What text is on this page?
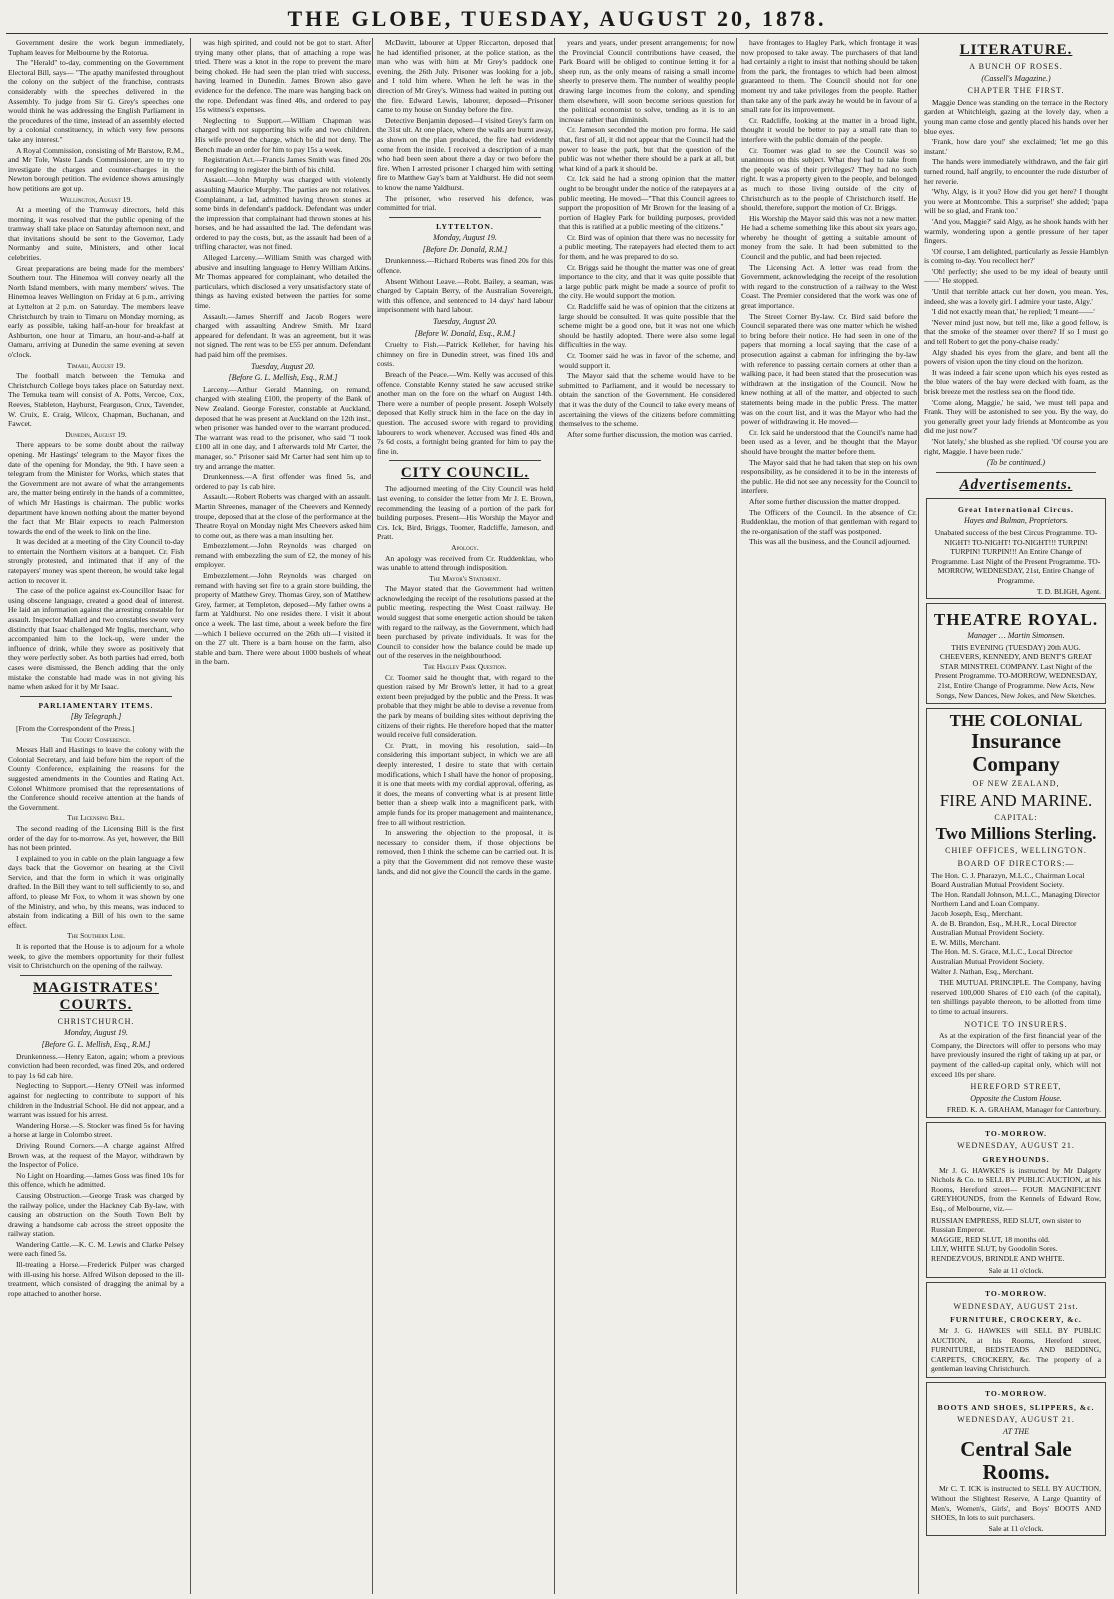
THE GLOBE, TUESDAY, AUGUST 20, 1878.

Government desire the work begun immediately, Tupham leaves for Melbourne by the Rotorua.

The "Herald" to-day, commenting on the Government Electoral Bill, says— "The apathy manifested throughout the colony on the subject of the franchise, contrasts considerably with the speeches delivered in the Assembly. To judge from Sir G. Grey's speeches one would think he was addressing the English Parliament in the procedures of the time, instead of an assembly elected by a colonial constituency, in which very few persons take any interest."

A Royal Commission, consisting of Mr Barstow, R.M., and Mr Tole, Waste Lands Commissioner, are to try to investigate the charges and counter-charges in the Newton borough petition. The evidence shows amusingly how petitions are got up.

Wellington, August 19.

At a meeting of the Tramway directors, held this morning, it was resolved that the public opening of the tramway shall take place on Saturday afternoon next, and that invitations should be sent to the Governor, Lady Normanby and suite, Ministers, and other local celebrities.

Great preparations are being made for the members' Southern tour. The Hinemoa will convey nearly all the North Island members, with many members' wives. The Hinemoa leaves Wellington on Friday at 6 p.m., arriving at Lyttelton at 2 p.m. on Saturday. The members leave Christchurch by train to Timaru on Monday morning, as early as possible, taking half-an-hour for breakfast at Ashburton, one hour at Timaru, an hour-and-a-half at Oamaru, arriving at Dunedin the same evening at seven o'clock.

Timaru, August 19.

The football match between the Temuka and Christchurch College boys takes place on Saturday next. The Temuka team will consist of A. Potts, Vercoe, Cox, Reeves, Stableton, Hayhurst, Fearguson, Crux, Tavender, W. Cruix, E. Craig, Wilcox, Chapman, Buchanan, and Fawcet.

Dunedin, August 19.

There appears to be some doubt about the railway opening. Mr Hastings' telegram to the Mayor fixes the date of the opening for Monday, the 9th. I have seen a telegram from the Minister for Works, which states that the Government are not aware of what the arrangements are, the matter being entirely in the hands of a committee, of which Mr Hastings is chairman. The public works department have known nothing about the matter beyond the fact that Mr Blair expects to reach Palmerston towards the end of the week to link on the line.

It was decided at a meeting of the City Council to-day to entertain the Northern visitors at a banquet. Cr. Fish strongly protested, and intimated that if any of the ratepayers' money was spent thereon, he would take legal action to recover it.

The case of the police against ex-Councillor Isaac for using obscene language, created a good deal of interest. He laid an information against the arresting constable for assault. Inspector Mallard and two constables swore very distinctly that Isaac challenged Mr Inglis, merchant, who accompanied him to the lock-up, were under the influence of drink, while they swore as positively that they were perfectly sober. As both parties had erred, both cases were dismissed, the Bench adding that the only mistake the constable had made was in not giving his name when asked for it by Mr Isaac.

PARLIAMENTARY ITEMS.
[By Telegraph.]

[From the Correspondent of the Press.]

The Court Conference.

Messrs Hall and Hastings to leave the colony with the Colonial Secretary, and laid before him the report of the County Conference, explaining the reasons for the suggested amendments in the Counties and Rating Act. Colonel Whitmore promised that the representations of the Conference should receive attention at the hands of the Government.

The Licensing Bill.

The second reading of the Licensing Bill is the first order of the day for to-morrow. As yet, however, the Bill has not been printed.

I explained to you in cable on the plain language a few days back that the Governor on hearing at the Civil Service, and that the form in which it was originally drafted. In the Bill they want to tell sufficiently to so, and afford, to please Mr Fox, to whom it was shown by one of the Ministry, and who, by this means, was induced to abstain from indicating a Bill of his own to the same effect.

The Southern Line.

It is reported that the House is to adjourn for a whole week, to give the members opportunity for their fullest visit to Christchurch on the opening of the railway.

MAGISTRATES' COURTS.
CHRISTCHURCH.
Monday, August 19.
[Before G. L. Mellish, Esq., R.M.]

Drunkenness.—Henry Eaton, again; whom a previous conviction had been recorded, was fined 20s, and ordered to pay 1s 6d cab hire.

Neglecting to Support.—Henry O'Neil was informed against for neglecting to contribute to support of his children in the Industrial School. He did not appear, and a warrant was issued for his arrest.

Wandering Horse.—S. Stocker was fined 5s for having a horse at large in Colombo street.

Driving Round Corners.—A charge against Alfred Brown was, at the request of the Mayor, withdrawn by the Inspector of Police.

No Light on Hoarding.—James Goss was fined 10s for this offence, which he admitted.

Causing Obstruction.—George Trask was charged by the railway police, under the Hackney Cab By-law, with causing an obstruction on the South Town Belt by drawing a handsome cab across the street opposite the railway station.

Wandering Cattle.—K. C. M. Lewis and Clarke Pelsey were each fined 5s.

Ill-treating a Horse.—Frederick Pulper was charged with ill-using his horse. Alfred Wilson deposed to the ill-treatment, which consisted of dragging the animal by a rope attached to another horse.

was high spirited, and could not be got to start. After trying many other plans, that of attaching a rope was tried. There was a knot in the rope to prevent the mare being choked. He had seen the plan tried with success, having learned in Dunedin. James Brown also gave evidence for the defence. The mare was hanging back on the rope. Defendant was fined 40s, and ordered to pay 15s witness's expenses.

Neglecting to Support.—William Chapman was charged with not supporting his wife and two children. His wife proved the charge, which he did not deny. The Bench made an order for him to pay 15s a week.

Registration Act.—Francis James Smith was fined 20s for neglecting to register the birth of his child.

Assault.—John Murphy was charged with violently assaulting Maurice Murphy. The parties are not relatives. Complainant, a lad, admitted having thrown stones at some birds in defendant's paddock. Defendant was under the impression that complainant had thrown stones at his horses, and he had assaulted the lad. The defendant was ordered to pay the costs, but, as the assault had been of a trifling character, was not fined.

Alleged Larceny.—William Smith was charged with abusive and insulting language to Henry William Atkins. Mr Thomas appeared for complainant, who detailed the particulars, which disclosed a very unsatisfactory state of things as having existed between the parties for some time.

Assault.—James Sherriff and Jacob Rogers were charged with assaulting Andrew Smith. Mr Izard appeared for defendant. It was an agreement, but it was not signed. The rent was to be £55 per annum. Defendant had paid him off the premises.

Tuesday, August 20.
[Before G. L. Mellish, Esq., R.M.]

Larceny.—Arthur Gerald Manning, on remand, charged with stealing £100, the property of the Bank of New Zealand. George Forester, constable at Auckland, deposed that he was present at Auckland on the 12th inst., when prisoner was handed over to the warrant produced. The warrant was read to the prisoner, who said "I took £100 all in one day, and I afterwards told Mr Carter, the manager, so." Prisoner said Mr Carter had sent him up to try and arrange the matter.

Drunkenness.—A first offender was fined 5s, and ordered to pay 1s cab hire.

Assault.—Robert Roberts was charged with an assault. Martin Shreenes, manager of the Cheevers and Kennedy troupe, deposed that at the close of the performance at the Theatre Royal on Monday night Mrs Cheevers asked him to come out, as there was a man insulting her.

Embezzlement.—John Reynolds was charged on remand with embezzling the sum of £2, the money of his employer.

Embezzlement.—John Reynolds was charged on remand with having set fire to a grain store building, the property of Matthew Grey. Thomas Grey, son of Matthew Grey, farmer, at Templeton, deposed—My father owns a farm at Yaldhurst. No one resides there. I visit it about once a week. The last time, about a week before the fire—which I believe occurred on the 26th ult—I visited it on the 27 ult. There is a barn house on the farm, also stable and barn. There were about 1000 bushels of wheat in the barn.

McDavitt, labourer at Upper Riccarton, deposed that he had identified prisoner, at the police station, as the man who was with him at Mr Grey's paddock one evening, the 26th July. Prisoner was looking for a job, and I told him where. When he left he was in the direction of Mr Grey's. Witness had waited in putting out the fire. Edward Lewis, labourer, deposed—Prisoner came to my house on Sunday before the fire.

Detective Benjamin deposed—I visited Grey's farm on the 31st ult. At one place, where the walls are burnt away, as shown on the plan produced, the fire had evidently come from the inside. I received a description of a man who had been seen about there a day or two before the fire. When I arrested prisoner I charged him with setting fire to Matthew Gay's barn at Yaldhurst. He did not seem to know the name Yaldhurst.

The prisoner, who reserved his defence, was committed for trial.

LYTTELTON.
Monday, August 19.
[Before Dr. Donald, R.M.]

Drunkenness.—Richard Roberts was fined 20s for this offence.

Absent Without Leave.—Robt. Bailey, a seaman, was charged by Captain Berry, of the Australian Sovereign, with this offence, and sentenced to 14 days' hard labour imprisonment with hard labour.

Tuesday, August 20.
[Before W. Donald, Esq., R.M.]

Cruelty to Fish.—Patrick Kelleher, for having his chimney on fire in Dunedin street, was fined 10s and costs.

Breach of the Peace.—Wm. Kelly was accused of this offence. Constable Kenny stated he saw accused strike another man on the fore on the wharf on August 14th. There were a number of people present. Joseph Wolsely deposed that Kelly struck him in the face on the day in question. The accused swore with regard to providing labourers to work whenever. Accused was fined 40s and 7s 6d costs, a fortnight being granted for him to pay the fine in.

CITY COUNCIL.

The adjourned meeting of the City Council was held last evening, to consider the letter from Mr J. E. Brown, recommending the leasing of a portion of the park for building purposes. Present—His Worship the Mayor and Crs. Ick, Bird, Briggs, Toomer, Radcliffe, Jameson, and Pratt.

Apology.

An apology was received from Cr. Ruddenklau, who was unable to attend through indisposition.

The Mayor's Statement.

The Mayor stated that the Government had written acknowledging the receipt of the resolutions passed at the public meeting, respecting the West Coast railway. He would suggest that some energetic action should be taken with regard to the railway, as the Government, which had been purchased by private individuals. It was for the Council to consider how the balance could be made up out of the reserves in the neighbourhood.

The Hagley Park Question.

Cr. Toomer said he thought that, with regard to the question raised by Mr Brown's letter, it had to a great extent been prejudged by the public and the Press. It was probable that they might be able to devise a revenue from the park by means of building sites without depriving the citizens of their rights. He therefore hoped that the matter would receive full consideration.

Cr. Pratt, in moving his resolution, said—In considering this important subject, in which we are all deeply interested, I desire to state that with certain modifications, which I shall have the honor of proposing, it is one that meets with my cordial approval, offering, as it does, the means of converting what is at present little better than a sheep walk into a magnificent park, with ample funds for its proper management and maintenance, free to all without restriction.

In answering the objection to the proposal, it is necessary to consider them, if those objections be removed, then I think the scheme can be carried out. It is a pity that the Government did not remove these waste lands, and did not give the Council the cards in the game.

years and years, under present arrangements; for now the Provincial Council contributions have ceased, the Park Board will be obliged to continue letting it for a sheep run, as the only means of raising a small income sheerly to preserve them. The number of wealthy people drawing large incomes from the colony, and spending them elsewhere, will soon become serious question for the political economist to solve, tending as it is to an increase rather than diminish.

Cr. Jameson seconded the motion pro forma. He said that, first of all, it did not appear that the Council had the power to lease the park, but that the question of the public was not whether there should be a park at all, but what kind of a park it should be.

Cr. Ick said he had a strong opinion that the matter ought to be brought under the notice of the ratepayers at a public meeting. He moved—"That this Council agrees to support the proposition of Mr Brown for the leasing of a portion of Hagley Park for building purposes, provided that this is ratified at a public meeting of the citizens."

Cr. Bird was of opinion that there was no necessity for a public meeting. The ratepayers had elected them to act for them, and he was prepared to do so.

Cr. Briggs said he thought the matter was one of great importance to the city, and that it was quite possible that a large public park might be made a source of profit to the city. He would support the motion.

Cr. Radcliffe said he was of opinion that the citizens at large should be consulted. It was quite possible that the scheme might be a good one, but it was not one which should be hastily adopted. There were also some legal difficulties in the way.

Cr. Toomer said he was in favor of the scheme, and would support it.

The Mayor said that the scheme would have to be submitted to Parliament, and it would be necessary to obtain the sanction of the Government. He considered that it was the duty of the Council to take every means of ascertaining the views of the citizens before committing themselves to the scheme.

After some further discussion, the motion was carried.

have frontages to Hagley Park, which frontage it was now proposed to take away. The purchasers of that land had certainly a right to insist that nothing should be taken from the park, the frontages to which had been almost guaranteed to them. The Council should not for one moment try and take privileges from the people. Rather than take any of the park away he would be in favour of a small rate for its improvement.

Cr. Radcliffe, looking at the matter in a broad light, thought it would be better to pay a small rate than to interfere with the public domain of the people.

Cr. Toomer was glad to see the Council was so unanimous on this subject. What they had to take from the people was of their privileges? They had no such right. It was a property given to the people, and belonged as much to those living outside of the city of Christchurch as to the people of Christchurch itself. He should, therefore, support the motion of Cr. Briggs.

His Worship the Mayor said this was not a new matter. He had a scheme something like this about six years ago, whereby he thought of getting a suitable amount of money from the sale. It had been submitted to the Council and the public, and had been rejected.

The Licensing Act. A letter was read from the Government, acknowledging the receipt of the resolution with regard to the construction of a railway to the West Coast. The Premier considered that the work was one of great importance.

The Street Corner By-law. Cr. Bird said before the Council separated there was one matter which he wished to bring before their notice. He had seen in one of the papers that morning a local saying that the case of a prosecution against a cabman for infringing the by-law with reference to passing certain corners at other than a walking pace, it had been stated that the prosecution was withdrawn at the instigation of the Council. Now he knew nothing at all of the matter, and objected to such statements being made in the public Press. The matter was on the court list, and it was the Mayor who had the power of withdrawing it. He moved—

Cr. Ick said he understood that the Council's name had been used as a lever, and he thought that the Mayor should have brought the matter before them.

The Mayor said that he had taken that step on his own responsibility, as he considered it to be in the interests of the public. He did not see any necessity for the Council to interfere.

After some further discussion the matter dropped.

The Officers of the Council. In the absence of Cr. Ruddenklau, the motion of that gentleman with regard to the re-organisation of the staff was postponed.

This was all the business, and the Council adjourned.

LITERATURE.
A BUNCH OF ROSES.
(Cassell's Magazine.)
CHAPTER THE FIRST.

Maggie Dence was standing on the terrace in the Rectory garden at Whitchleigh, gazing at the lovely day, when a young man came close and gently placed his hands over her blue eyes.

'Frank, how dare you!' she exclaimed; 'let me go this instant.'

The hands were immediately withdrawn, and the fair girl turned round, half angrily, to encounter the rude disturber of her reverie.

'Why, Algy, is it you? How did you get here? I thought you were at Montcombe. This a surprise!' she added; 'papa will be so glad, and Frank too.'

'And you, Maggie?' said Algy, as he shook hands with her warmly, wondering upon a gentle pressure of her taper fingers.

'Of course, I am delighted, particularly as Jessie Hamblyn is coming to-day. You recollect her?'

'Oh! perfectly; she used to be my ideal of beauty until——' He stopped.

'Until that terrible attack cut her down, you mean. Yes, indeed, she was a lovely girl. I admire your taste, Algy.'

'I did not exactly mean that,' he replied; 'I meant——'

'Never mind just now, but tell me, like a good fellow, is that the smoke of the steamer over there? If so I must go and tell Robert to get the pony-chaise ready.'

Algy shaded his eyes from the glare, and bent all the powers of vision upon the tiny cloud on the horizon.

It was indeed a fair scene upon which his eyes rested as the blue waters of the bay were decked with foam, as the brisk breeze met the restless sea on the flood tide.

'Come along, Maggie,' he said, 'we must tell papa and Frank. They will be astonished to see you. By the way, do you generally greet your lady friends at Montcombe as you did me just now?'

'Not lately,' she blushed as she replied. 'Of course you are right, Maggie. I have been rude.'

(To be continued.)
Advertisements.
Great International Circus.
Hayes and Bulman, Proprietors.

Unabated success of the best Circus Programme. TO-NIGHT! TO-NIGHT! TO-NIGHT!!! TURPIN! TURPIN! TURPIN!!! An Entire Change of Programme. Last Night of the Present Programme. TO-MORROW, WEDNESDAY, 21st, Entire Change of Programme.

T. D. BLIGH, Agent.
THEATRE ROYAL.
Manager … Martin Simonsen.

THIS EVENING (TUESDAY) 20th AUG. CHEEVERS, KENNEDY, AND BENT'S GREAT STAR MINSTREL COMPANY. Last Night of the Present Programme. TO-MORROW, WEDNESDAY, 21st, Entire Change of Programme. New Acts, New Songs, New Dances, New Jokes, and New Sketches.

THE COLONIAL
Insurance Company
OF NEW ZEALAND,
FIRE AND MARINE.
CAPITAL:
Two Millions Sterling.
CHIEF OFFICES, WELLINGTON.
BOARD OF DIRECTORS:—
The Hon. C. J. Pharazyn, M.L.C., Chairman Local Board Australian Mutual Provident Society.
The Hon. Randall Johnson, M.L.C., Managing Director Northern Land and Loan Company.
Jacob Joseph, Esq., Merchant.
A. de B. Brandon, Esq., M.H.R., Local Director Australian Mutual Provident Society.
E. W. Mills, Merchant.
The Hon. M. S. Grace, M.L.C., Local Director Australian Mutual Provident Society.
Walter J. Nathan, Esq., Merchant.

THE MUTUAL PRINCIPLE. The Company, having reserved 100,000 Shares of £10 each (of the capital), ten shillings payable thereon, to be allotted from time to time to actual insurers.

NOTICE TO INSURERS.

As at the expiration of the first financial year of the Company, the Directors will offer to persons who may have previously insured the right of taking up at par, or payment of the called-up capital only, which will not exceed 10s per share.

HEREFORD STREET,
Opposite the Custom House.
FRED. K. A. GRAHAM, Manager for Canterbury.
TO-MORROW.
WEDNESDAY, AUGUST 21.
GREYHOUNDS.

Mr J. G. HAWKE'S is instructed by Mr Dalgety Nichols & Co. to SELL BY PUBLIC AUCTION, at his Rooms, Hereford street— FOUR MAGNIFICENT GREYHOUNDS, from the Kennels of Edward Row, Esq., of Melbourne, viz.—

RUSSIAN EMPRESS, RED SLUT, own sister to Russian Emperor.
MAGGIE, RED SLUT, 18 months old.
LILY, WHITE SLUT, by Goodolin Sores.
RENDEZVOUS, BRINDLE AND WHITE.
Sale at 11 o'clock.
TO-MORROW.
WEDNESDAY, AUGUST 21st.
FURNITURE, CROCKERY, &c.

Mr J. G. HAWKES will SELL BY PUBLIC AUCTION, at his Rooms, Hereford street, FURNITURE, BEDSTEADS AND BEDDING, CARPETS, CROCKERY, &c. The property of a gentleman leaving Christchurch.

TO-MORROW.
BOOTS AND SHOES, SLIPPERS, &c.
WEDNESDAY, AUGUST 21.
AT THE
Central Sale Rooms.

Mr C. T. ICK is instructed to SELL BY AUCTION, Without the Slightest Reserve, A Large Quantity of Men's, Women's, Girls', and Boys' BOOTS AND SHOES, In lots to suit purchasers.

Sale at 11 o'clock.
